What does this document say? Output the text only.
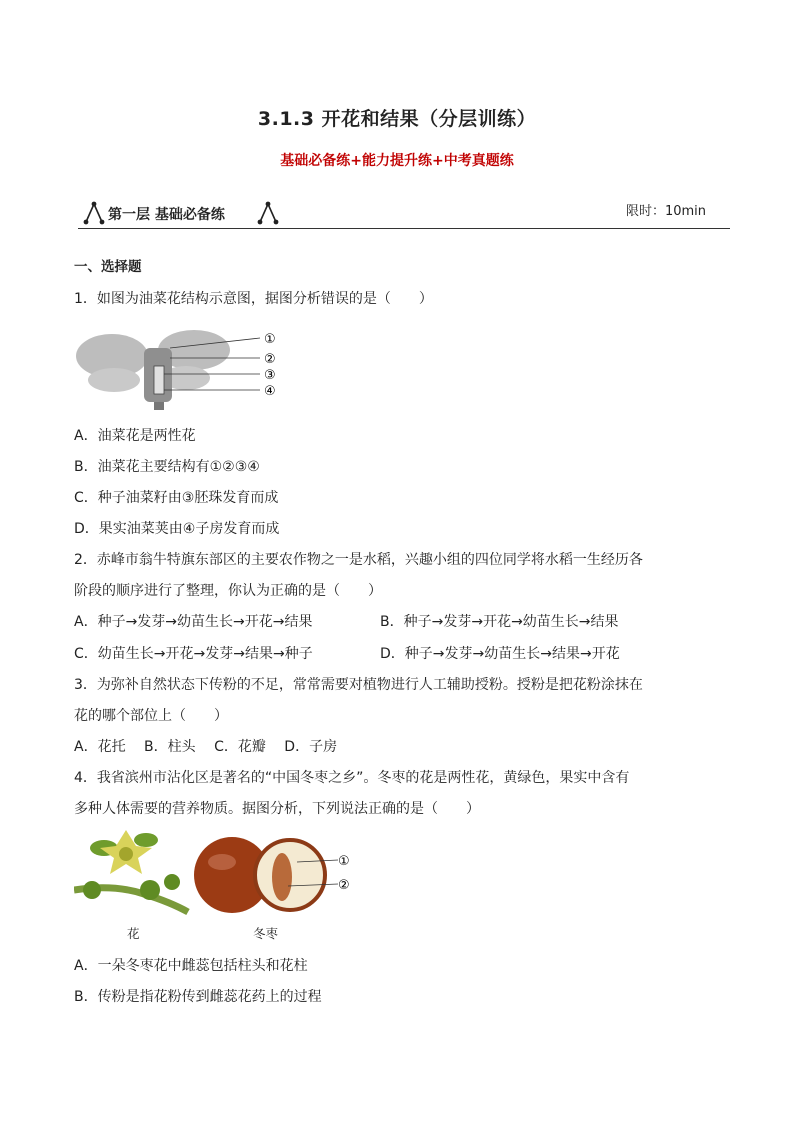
3.1.3 开花和结果（分层训练）
基础必备练+能力提升练+中考真题练
第一层 基础必备练	限时：10min
一、选择题
1．如图为油菜花结构示意图，据图分析错误的是（　　）
①
②
③
④
A．油菜花是两性花
B．油菜花主要结构有①②③④
C．种子油菜籽由③胚珠发育而成
D．果实油菜荚由④子房发育而成
2．赤峰市翁牛特旗东部区的主要农作物之一是水稻，兴趣小组的四位同学将水稻一生经历各
阶段的顺序进行了整理，你认为正确的是（　　）
A．种子→发芽→幼苗生长→开花→结果	B．种子→发芽→开花→幼苗生长→结果
C．幼苗生长→开花→发芽→结果→种子	D．种子→发芽→幼苗生长→结果→开花
3．为弥补自然状态下传粉的不足，常常需要对植物进行人工辅助授粉。授粉是把花粉涂抹在
花的哪个部位上（　　）
A．花托　 B．柱头　 C．花瓣　 D．子房
4．我省滨州市沾化区是著名的“中国冬枣之乡”。冬枣的花是两性花，黄绿色，果实中含有
多种人体需要的营养物质。据图分析，下列说法正确的是（　　）
花
①
②
冬枣
A．一朵冬枣花中雌蕊包括柱头和花柱
B．传粉是指花粉传到雌蕊花药上的过程
